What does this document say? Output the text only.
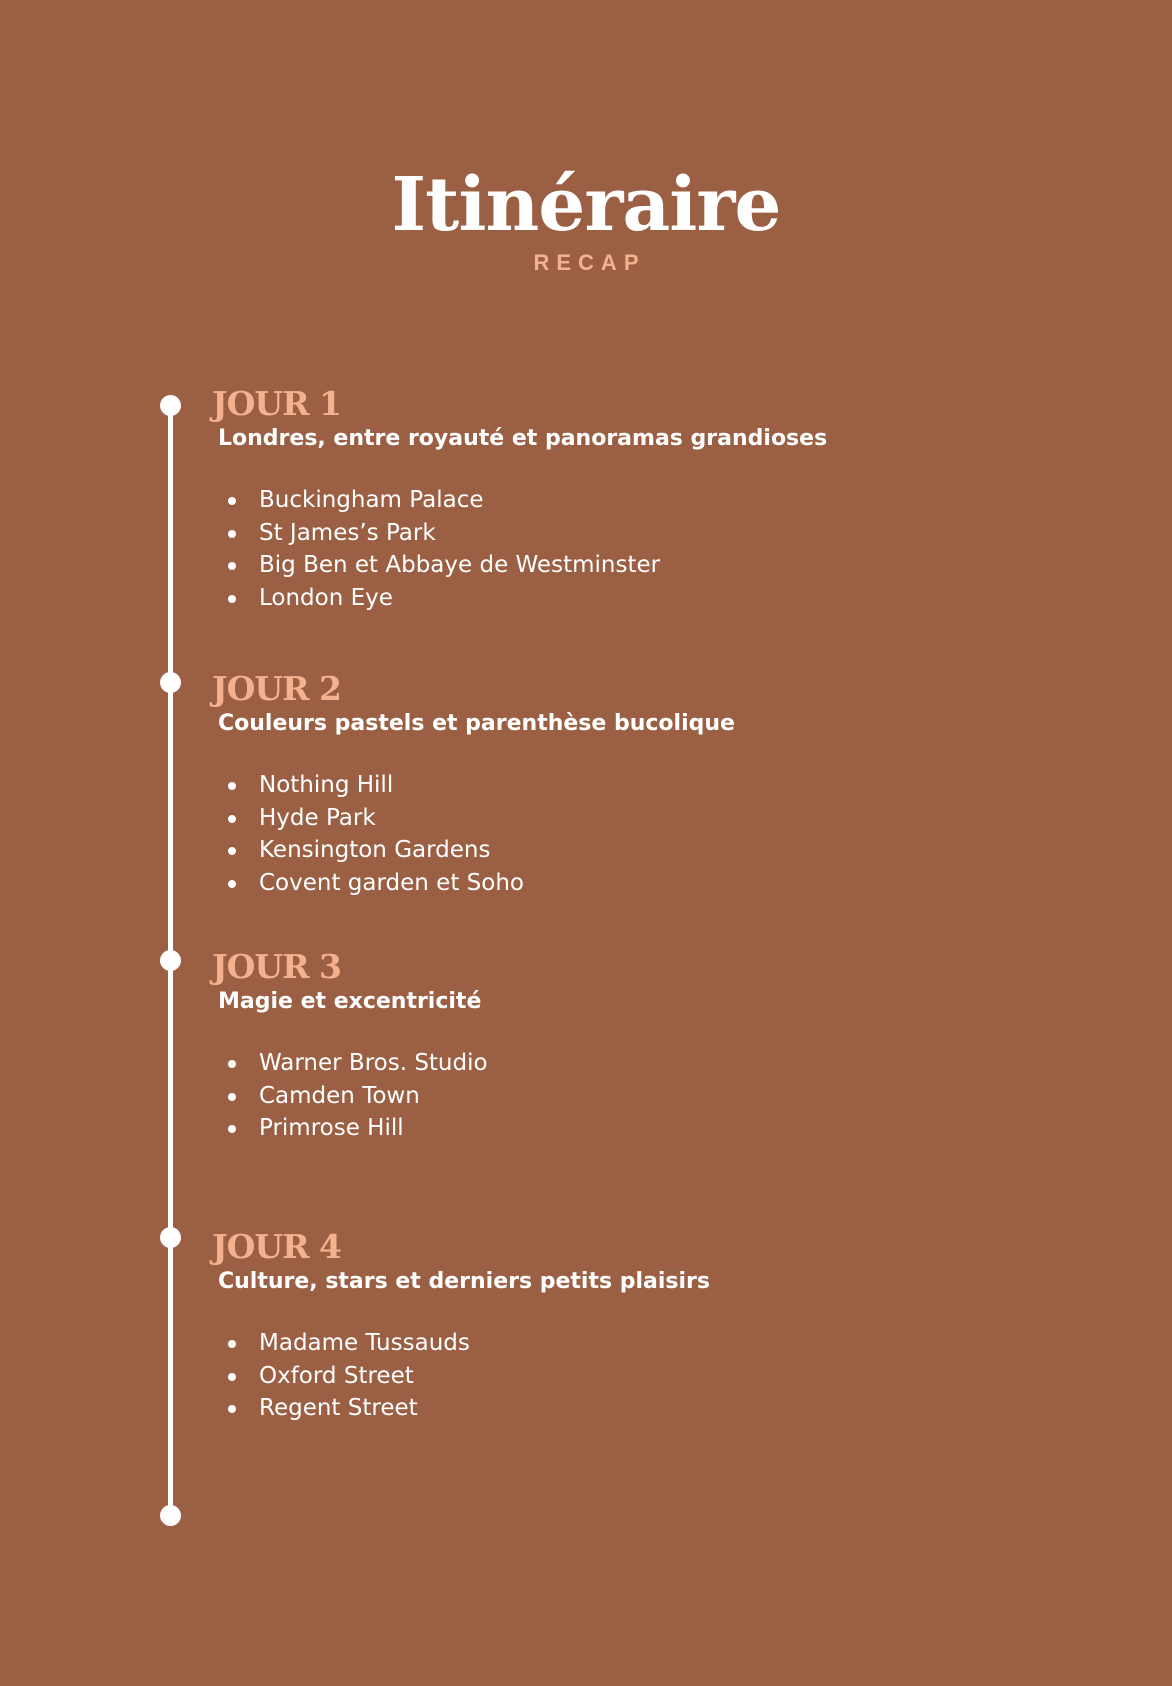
Itinéraire
RECAP
JOUR 1

Londres, entre royauté et panoramas grandioses

Buckingham Palace
St James’s Park
Big Ben et Abbaye de Westminster
London Eye
JOUR 2

Couleurs pastels et parenthèse bucolique

Nothing Hill
Hyde Park
Kensington Gardens
Covent garden et Soho
JOUR 3

Magie et excentricité

Warner Bros. Studio
Camden Town
Primrose Hill
JOUR 4

Culture, stars et derniers petits plaisirs

Madame Tussauds
Oxford Street
Regent Street
